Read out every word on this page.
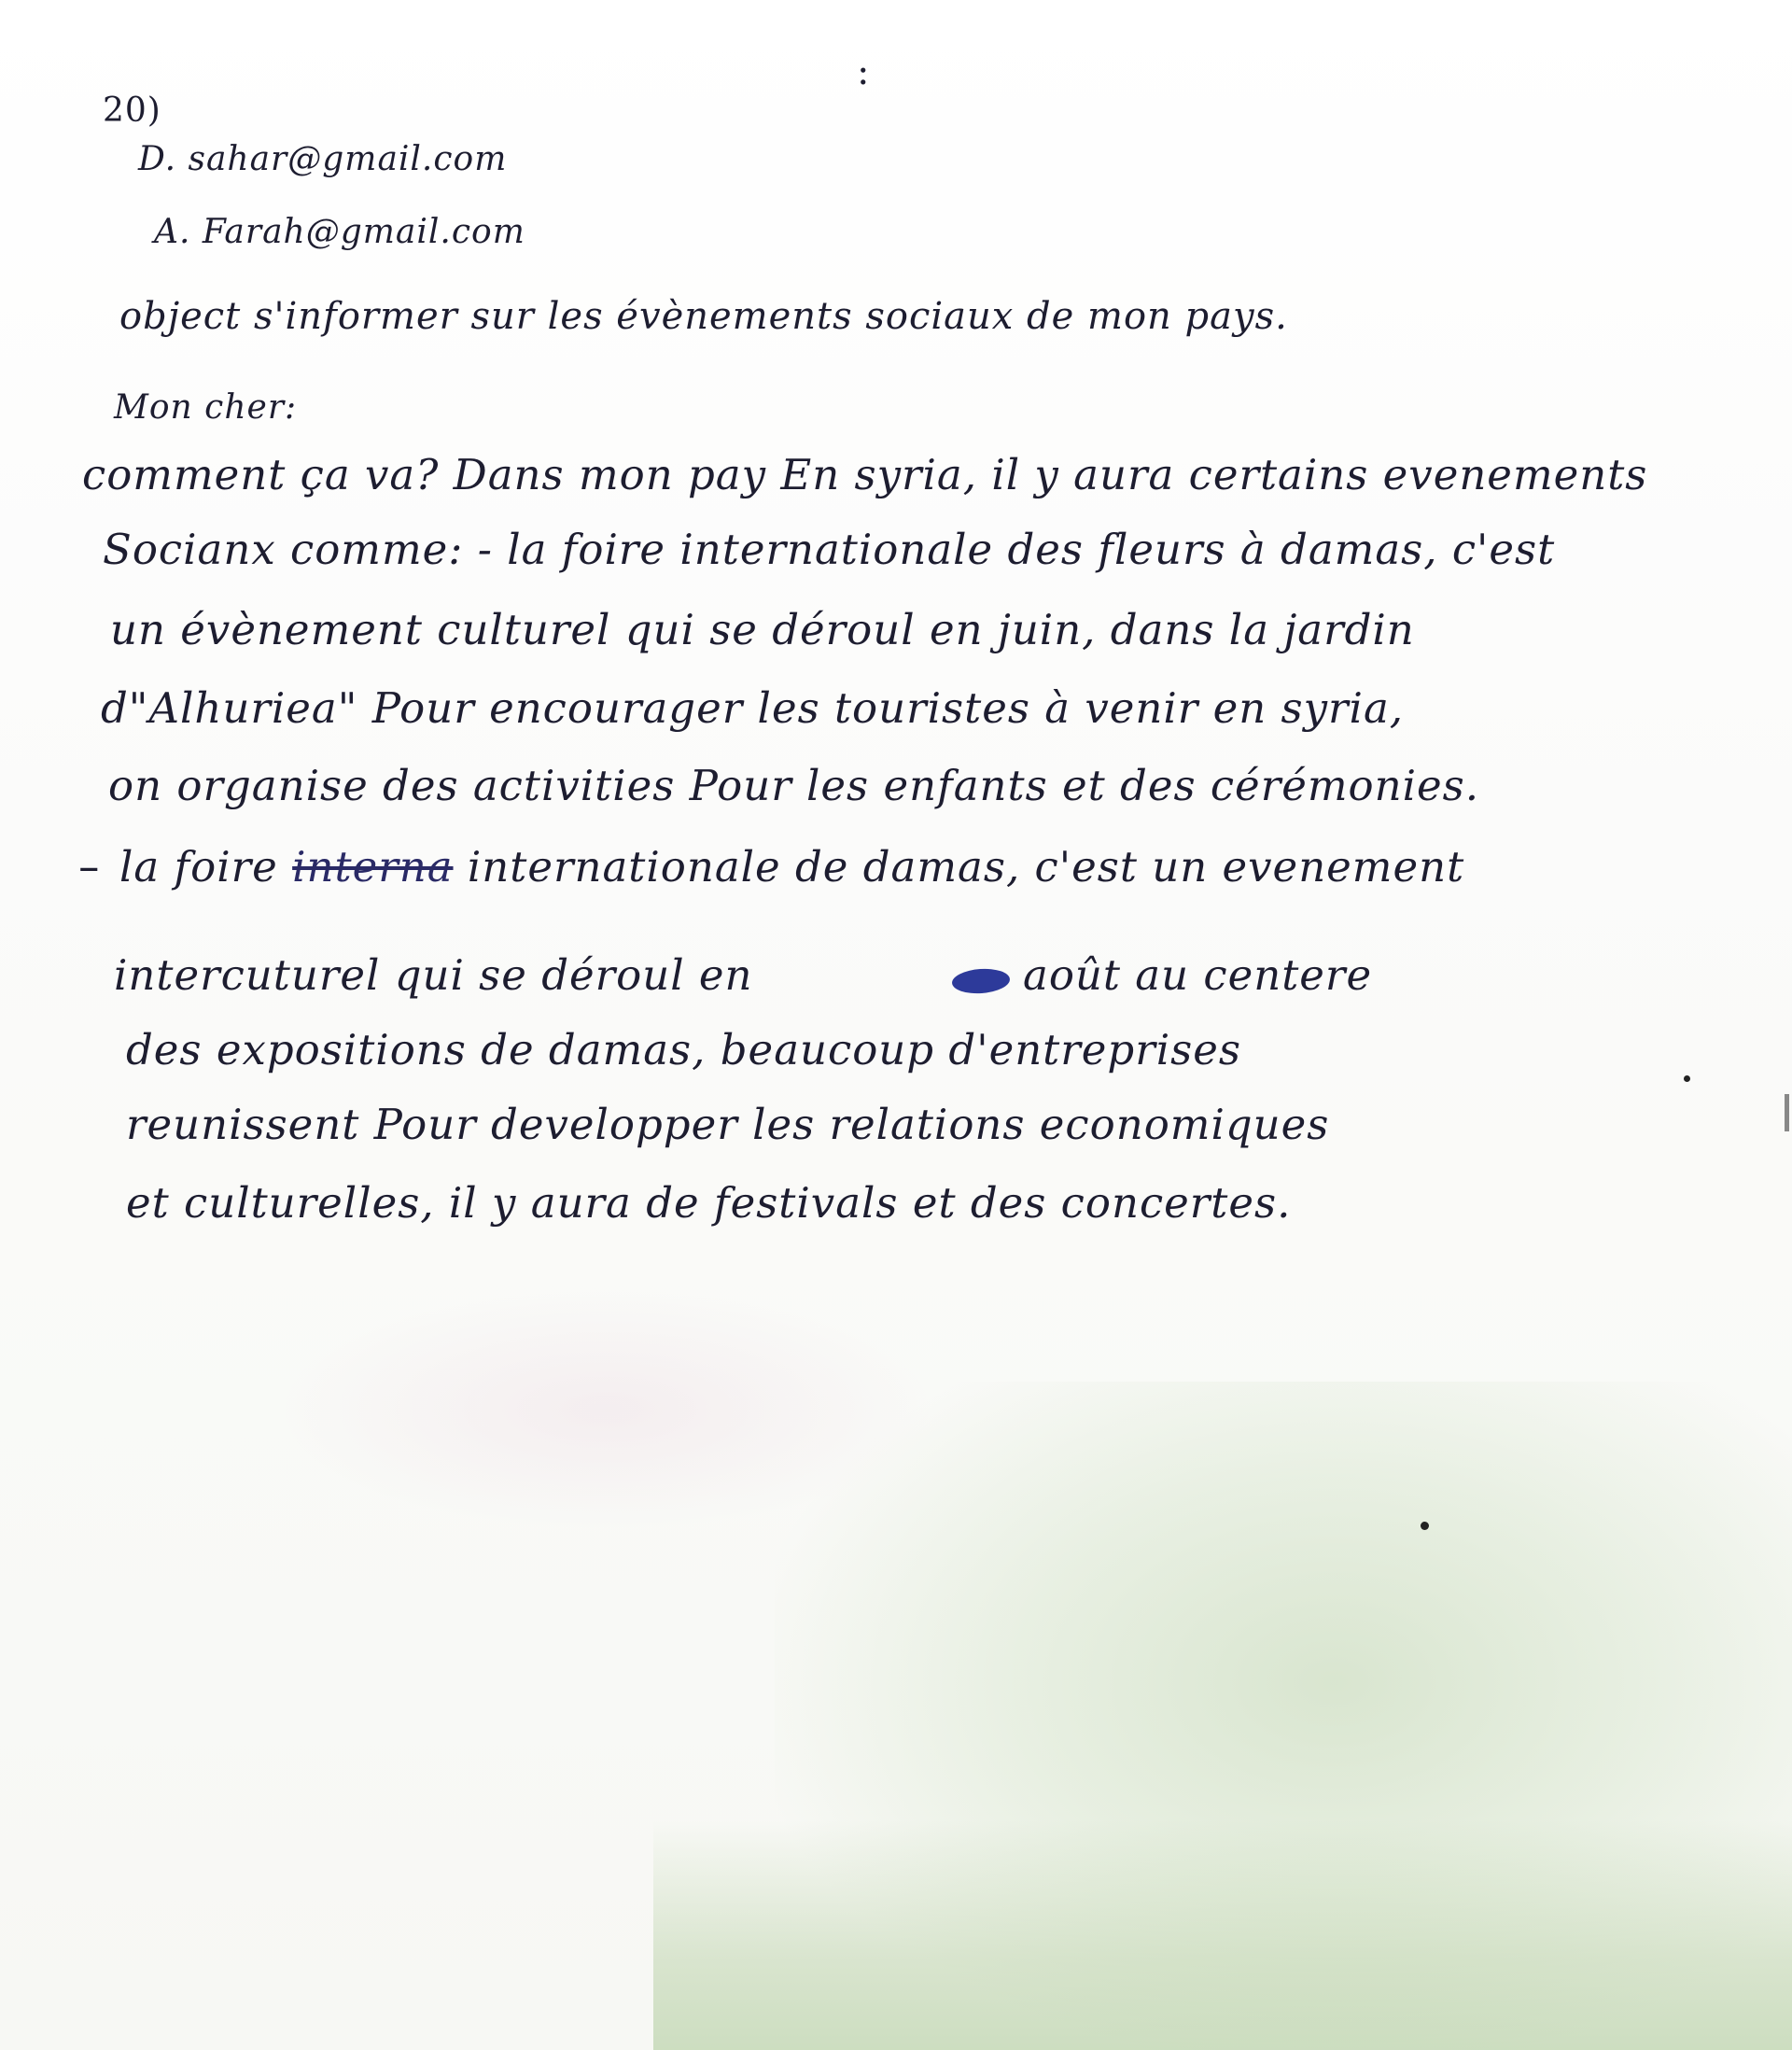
:
20)
D. sahar@gmail.com
A. Farah@gmail.com
object s'informer sur les évènements sociaux de mon pays.
Mon cher:
comment ça va? Dans mon pay En syria, il y aura certains evenements
Socianx comme: - la foire internationale des fleurs à damas, c'est
un évènement culturel qui se déroul en juin, dans la jardin
d"Alhuriea" Pour encourager les touristes à venir en syria,
on organise des activities Pour les enfants et des cérémonies.
– la foire interna internationale de damas, c'est un evenement
intercuturel qui se déroul en	août au centere
des expositions de damas, beaucoup d'entreprises
reunissent Pour developper les relations economiques
et culturelles, il y aura de festivals et des concertes.
